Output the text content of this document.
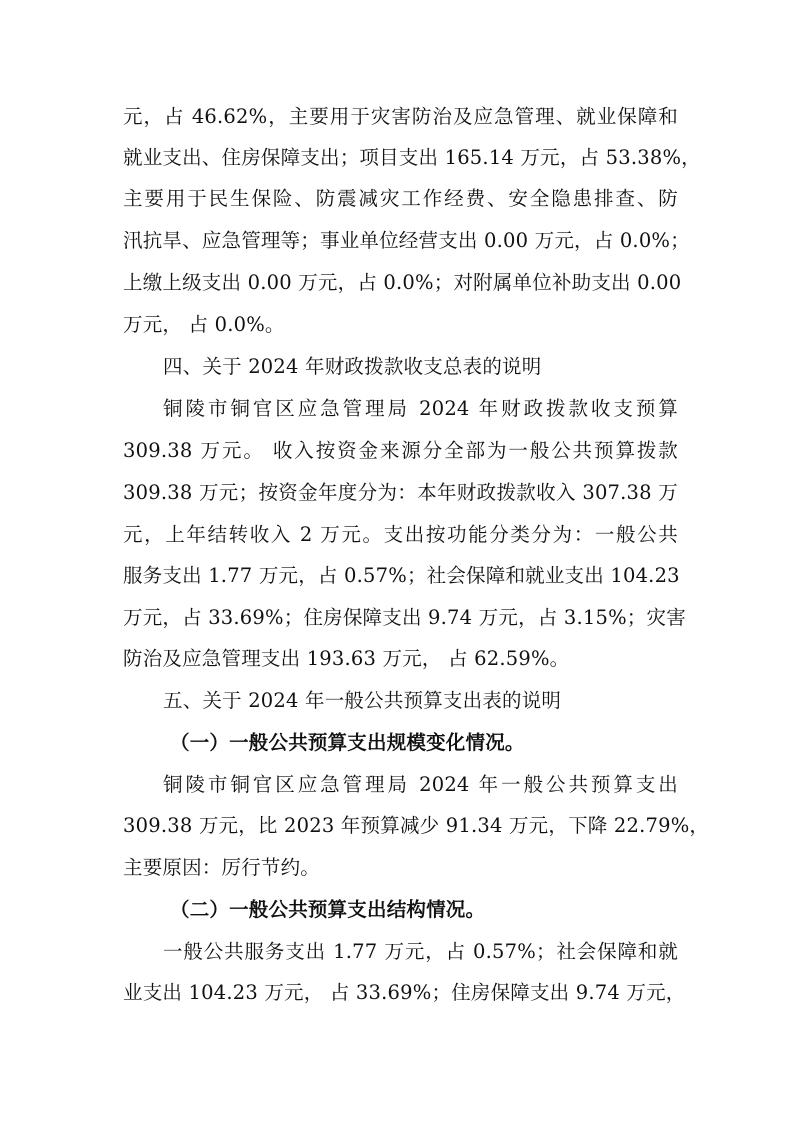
元，占 46.62%，主要用于灾害防治及应急管理、就业保障和
就业支出、住房保障支出；项目支出 165.14 万元，占 53.38%，
主要用于民生保险、防震减灾工作经费、安全隐患排查、防
汛抗旱、应急管理等；事业单位经营支出 0.00 万元，占 0.0%；
上缴上级支出 0.00 万元，占 0.0%；对附属单位补助支出 0.00
万元， 占 0.0%。
四、关于 2024 年财政拨款收支总表的说明
铜陵市铜官区应急管理局 2024 年财政拨款收支预算
309.38 万元。 收入按资金来源分全部为一般公共预算拨款
309.38 万元；按资金年度分为：本年财政拨款收入 307.38 万
元，上年结转收入 2 万元。支出按功能分类分为：一般公共
服务支出 1.77 万元，占 0.57%；社会保障和就业支出 104.23
万元，占 33.69%；住房保障支出 9.74 万元，占 3.15%；灾害
防治及应急管理支出 193.63 万元， 占 62.59%。
五、关于 2024 年一般公共预算支出表的说明
（一）一般公共预算支出规模变化情况。
铜陵市铜官区应急管理局 2024 年一般公共预算支出
309.38 万元，比 2023 年预算减少 91.34 万元，下降 22.79%，
主要原因：厉行节约。
（二）一般公共预算支出结构情况。
一般公共服务支出 1.77 万元，占 0.57%；社会保障和就
业支出 104.23 万元， 占 33.69%；住房保障支出 9.74 万元，
